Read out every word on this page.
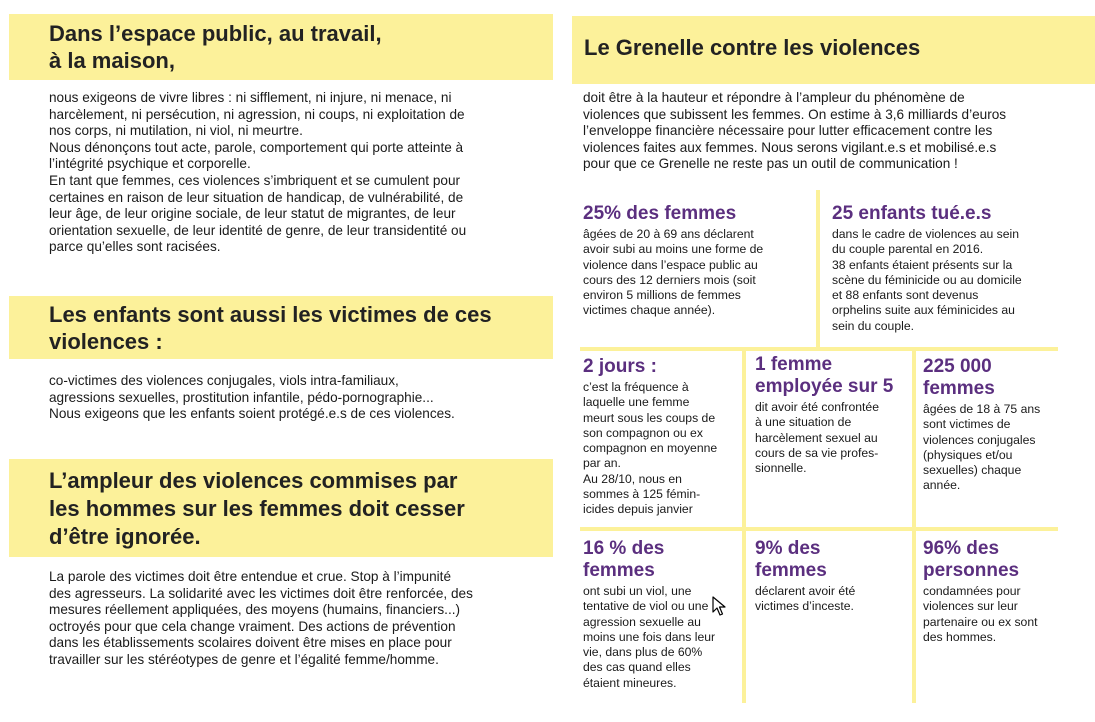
Dans l’espace public, au travail,
à la maison,
nous exigeons de vivre libres : ni sifflement, ni injure, ni menace, ni
harcèlement, ni persécution, ni agression, ni coups, ni exploitation de
nos corps, ni mutilation, ni viol, ni meurtre.
Nous dénonçons tout acte, parole, comportement qui porte atteinte à
l’intégrité psychique et corporelle.
En tant que femmes, ces violences s’imbriquent et se cumulent pour
certaines en raison de leur situation de handicap, de vulnérabilité, de
leur âge, de leur origine sociale, de leur statut de migrantes, de leur
orientation sexuelle, de leur identité de genre, de leur transidentité ou
parce qu’elles sont racisées.
Les enfants sont aussi les victimes de ces
violences :
co-victimes des violences conjugales, viols intra-familiaux,
agressions sexuelles, prostitution infantile, pédo-pornographie...
Nous exigeons que les enfants soient protégé.e.s de ces violences.
L’ampleur des violences commises par
les hommes sur les femmes doit cesser
d’être ignorée.
La parole des victimes doit être entendue et crue. Stop à l’impunité
des agresseurs. La solidarité avec les victimes doit être renforcée, des
mesures réellement appliquées, des moyens (humains, financiers...)
octroyés pour que cela change vraiment. Des actions de prévention
dans les établissements scolaires doivent être mises en place pour
travailler sur les stéréotypes de genre et l’égalité femme/homme.
Le Grenelle contre les violences
doit être à la hauteur et répondre à l’ampleur du phénomène de
violences que subissent les femmes. On estime à 3,6 milliards d’euros
l’enveloppe financière nécessaire pour lutter efficacement contre les
violences faites aux femmes. Nous serons vigilant.e.s et mobilisé.e.s
pour que ce Grenelle ne reste pas un outil de communication !
25% des femmes
âgées de 20 à 69 ans déclarent
avoir subi au moins une forme de
violence dans l’espace public au
cours des 12 derniers mois (soit
environ 5 millions de femmes
victimes chaque année).
25 enfants tué.e.s
dans le cadre de violences au sein
du couple parental en 2016.
38 enfants étaient présents sur la
scène du féminicide ou au domicile
et 88 enfants sont devenus
orphelins suite aux féminicides au
sein du couple.
2 jours :
c’est la fréquence à
laquelle une femme
meurt sous les coups de
son compagnon ou ex
compagnon en moyenne
par an.
Au 28/10, nous en
sommes à 125 fémin-
icides depuis janvier
1 femme
employée sur 5
dit avoir été confrontée
à une situation de
harcèlement sexuel au
cours de sa vie profes-
sionnelle.
225 000
femmes
âgées de 18 à 75 ans
sont victimes de
violences conjugales
(physiques et/ou
sexuelles) chaque
année.
16 % des
femmes
ont subi un viol, une
tentative de viol ou une
agression sexuelle au
moins une fois dans leur
vie, dans plus de 60%
des cas quand elles
étaient mineures.
9% des
femmes
déclarent avoir été
victimes d’inceste.
96% des
personnes
condamnées pour
violences sur leur
partenaire ou ex sont
des hommes.
